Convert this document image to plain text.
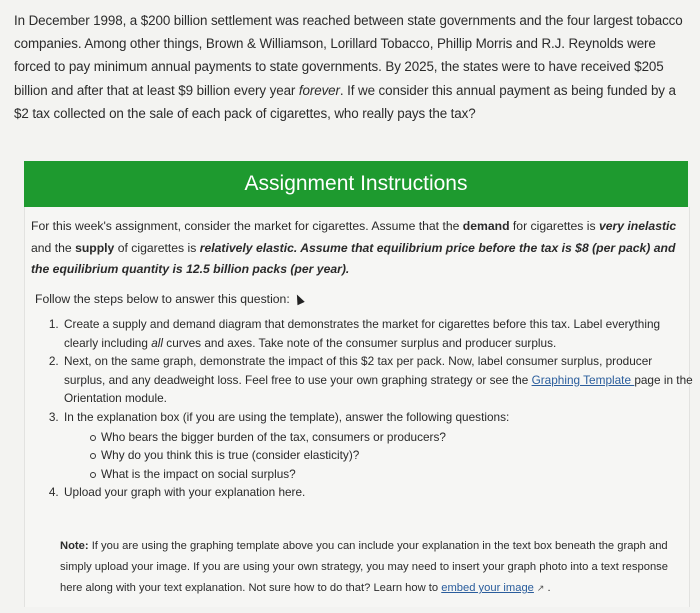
In December 1998, a $200 billion settlement was reached between state governments and the four largest tobacco companies. Among other things, Brown & Williamson, Lorillard Tobacco, Phillip Morris and R.J. Reynolds were forced to pay minimum annual payments to state governments. By 2025, the states were to have received $205 billion and after that at least $9 billion every year forever. If we consider this annual payment as being funded by a $2 tax collected on the sale of each pack of cigarettes, who really pays the tax?
Assignment Instructions
For this week's assignment, consider the market for cigarettes. Assume that the demand for cigarettes is very inelastic and the supply of cigarettes is relatively elastic. Assume that equilibrium price before the tax is $8 (per pack) and the equilibrium quantity is 12.5 billion packs (per year).
Follow the steps below to answer this question:
1. Create a supply and demand diagram that demonstrates the market for cigarettes before this tax. Label everything clearly including all curves and axes. Take note of the consumer surplus and producer surplus.
2. Next, on the same graph, demonstrate the impact of this $2 tax per pack. Now, label consumer surplus, producer surplus, and any deadweight loss. Feel free to use your own graphing strategy or see the Graphing Template page in the Orientation module.
3. In the explanation box (if you are using the template), answer the following questions:
Who bears the bigger burden of the tax, consumers or producers?
Why do you think this is true (consider elasticity)?
What is the impact on social surplus?
4. Upload your graph with your explanation here.
Note: If you are using the graphing template above you can include your explanation in the text box beneath the graph and simply upload your image. If you are using your own strategy, you may need to insert your graph photo into a text response here along with your text explanation. Not sure how to do that? Learn how to embed your image ↗ .
